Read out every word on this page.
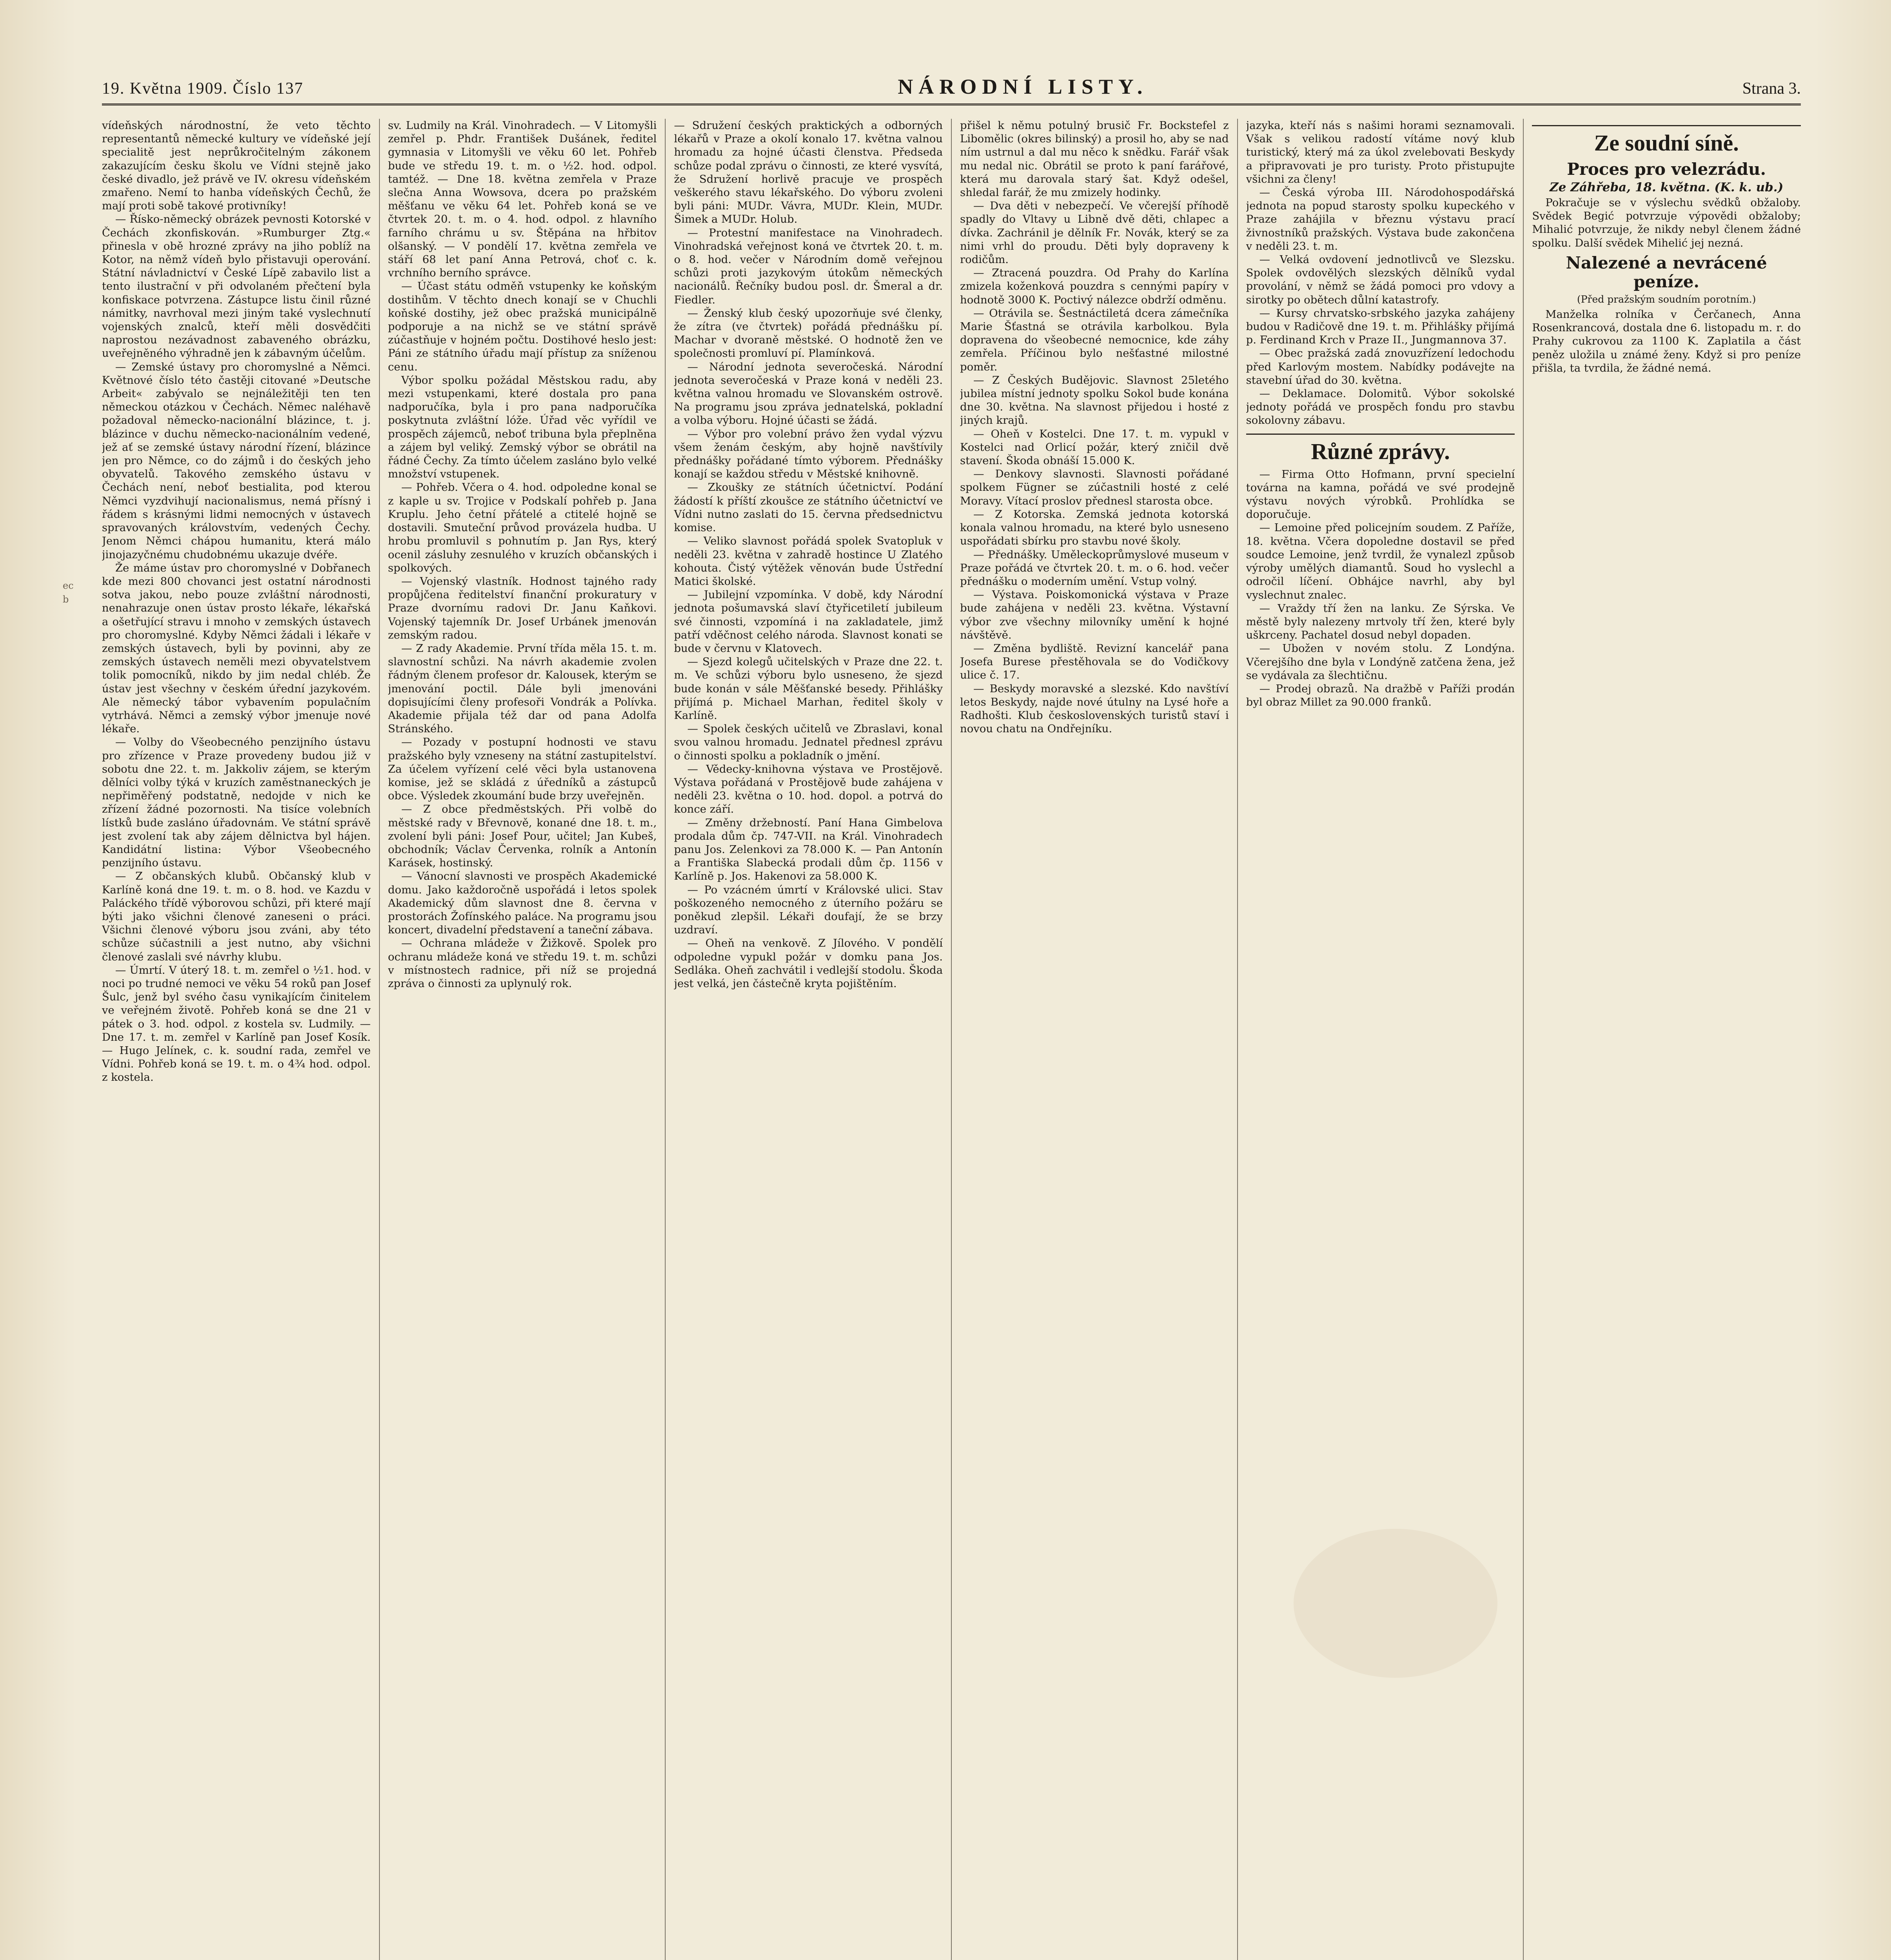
19. Května 1909. Číslo 137	NÁRODNÍ LISTY.	Strana 3.
ec
b

vídeňských národnostní, že veto těchto representantů německé kultury ve vídeňské její specialitě jest neprůkročitelným zákonem zakazujícím česku školu ve Vídni stejně jako české divadlo, jež právě ve IV. okresu vídeňském zmařeno. Nemí to hanba vídeňských Čechů, že mají proti sobě takové protivníky!

— Řísko-německý obrázek pevnosti Kotorské v Čechách zkonfiskován. »Rumburger Ztg.« přinesla v obě hrozné zprávy na jiho poblíž na Kotor, na němž vídeň bylo přistavuji operování. Státní návladnictví v České Lípě zabavilo list a tento ilustrační v při odvolaném přečtení byla konfiskace potvrzena. Zástupce listu činil různé námitky, navrhoval mezi jiným také vyslechnutí vojenských znalců, kteří měli dosvědčiti naprostou nezávadnost zabaveného obrázku, uveřejněného výhradně jen k zábavným účelům.

— Zemské ústavy pro choromyslné a Němci. Květnové číslo této častěji citované »Deutsche Arbeit« zabývalo se nejnáležitěji ten ten německou otázkou v Čechách. Němec naléhavě požadoval německo-nacionální blázince, t. j. blázince v duchu německo-nacionálním vedené, jež ať se zemské ústavy národní řízení, blázince jen pro Němce, co do zájmů i do českých jeho obyvatelů. Takového zemského ústavu v Čechách není, neboť bestialita, pod kterou Němci vyzdvihují nacionalismus, nemá přísný i řádem s krásnými lidmi nemocných v ústavech spravovaných královstvím, vedených Čechy. Jenom Němci chápou humanitu, která málo jinojazyčnému chudobnému ukazuje dvéře.

Že máme ústav pro choromyslné v Dobřanech kde mezi 800 chovanci jest ostatní národnosti sotva jakou, nebo pouze zvláštní národnosti, nenahrazuje onen ústav prosto lékaře, lékařská a ošetřující stravu i mnoho v zemských ústavech pro choromyslné. Kdyby Němci žádali i lékaře v zemských ústavech, byli by povinni, aby ze zemských ústavech neměli mezi obyvatelstvem tolik pomocníků, nikdo by jim nedal chléb. Že ústav jest všechny v českém úřední jazykovém. Ale německý tábor vybavením populačním vytrhává. Němci a zemský výbor jmenuje nové lékaře.

— Volby do Všeobecného penzijního ústavu pro zřízence v Praze provedeny budou již v sobotu dne 22. t. m. Jakkoliv zájem, se kterým dělníci volby týká v kruzích zaměstnaneckých je nepřiměřený podstatně, nedojde v nich ke zřízení žádné pozornosti. Na tisíce volebních lístků bude zasláno úřadovnám. Ve státní správě jest zvolení tak aby zájem dělnictva byl hájen. Kandidátní listina: Výbor Všeobecného penzijního ústavu.

— Z občanských klubů. Občanský klub v Karlíně koná dne 19. t. m. o 8. hod. ve Kazdu v Paláckého třídě výborovou schůzi, při které mají býti jako všichni členové zaneseni o práci. Všichni členové výboru jsou zváni, aby této schůze súčastnili a jest nutno, aby všichni členové zaslali své návrhy klubu.

— Úmrtí. V úterý 18. t. m. zemřel o ½1. hod. v noci po trudné nemoci ve věku 54 roků pan Josef Šulc, jenž byl svého času vynikajícím činitelem ve veřejném životě. Pohřeb koná se dne 21 v pátek o 3. hod. odpol. z kostela sv. Ludmily. — Dne 17. t. m. zemřel v Karlíně pan Josef Kosík. — Hugo Jelínek, c. k. soudní rada, zemřel ve Vídni. Pohřeb koná se 19. t. m. o 4¾ hod. odpol. z kostela.

sv. Ludmily na Král. Vinohradech. — V Litomyšli zemřel p. Phdr. František Dušánek, ředitel gymnasia v Litomyšli ve věku 60 let. Pohřeb bude ve středu 19. t. m. o ½2. hod. odpol. tamtéž. — Dne 18. května zemřela v Praze slečna Anna Wowsova, dcera po pražském měšťanu ve věku 64 let. Pohřeb koná se ve čtvrtek 20. t. m. o 4. hod. odpol. z hlavního farního chrámu u sv. Štěpána na hřbitov olšanský. — V pondělí 17. května zemřela ve stáří 68 let paní Anna Petrová, choť c. k. vrchního berního správce.

— Účast státu odměň vstupenky ke koňským dostihům. V těchto dnech konají se v Chuchli koňské dostihy, jež obec pražská municipálně podporuje a na nichž se ve státní správě zúčastňuje v hojném počtu. Dostihové heslo jest: Páni ze státního úřadu mají přístup za sníženou cenu.

Výbor spolku požádal Městskou radu, aby mezi vstupenkami, které dostala pro pana nadporučíka, byla i pro pana nadporučíka poskytnuta zvláštní lóže. Úřad věc vyřídil ve prospěch zájemců, neboť tribuna byla přeplněna a zájem byl veliký. Zemský výbor se obrátil na řádné Čechy. Za tímto účelem zasláno bylo velké množství vstupenek.

— Pohřeb. Včera o 4. hod. odpoledne konal se z kaple u sv. Trojice v Podskalí pohřeb p. Jana Kruplu. Jeho četní přátelé a ctitelé hojně se dostavili. Smuteční průvod provázela hudba. U hrobu promluvil s pohnutím p. Jan Rys, který ocenil zásluhy zesnulého v kruzích občanských i spolkových.

— Vojenský vlastník. Hodnost tajného rady propůjčena ředitelství finanční prokuratury v Praze dvornímu radovi Dr. Janu Kaňkovi. Vojenský tajemník Dr. Josef Urbánek jmenován zemským radou.

— Z rady Akademie. První třída měla 15. t. m. slavnostní schůzi. Na návrh akademie zvolen řádným členem profesor dr. Kalousek, kterým se jmenování poctil. Dále byli jmenováni dopisujícími členy profesoři Vondrák a Polívka. Akademie přijala též dar od pana Adolfa Stránského.

— Pozady v postupní hodnosti ve stavu pražského byly vzneseny na státní zastupitelství. Za účelem vyřízení celé věci byla ustanovena komise, jež se skládá z úředníků a zástupců obce. Výsledek zkoumání bude brzy uveřejněn.

— Z obce předměstských. Při volbě do městské rady v Břevnově, konané dne 18. t. m., zvolení byli páni: Josef Pour, učitel; Jan Kubeš, obchodník; Václav Červenka, rolník a Antonín Karásek, hostinský.

— Vánocní slavnosti ve prospěch Akademické domu. Jako každoročně uspořádá i letos spolek Akademický dům slavnost dne 8. června v prostorách Žofínského paláce. Na programu jsou koncert, divadelní představení a taneční zábava.

— Ochrana mládeže v Žižkově. Spolek pro ochranu mládeže koná ve středu 19. t. m. schůzi v místnostech radnice, při níž se projedná zpráva o činnosti za uplynulý rok.

— Sdružení českých praktických a odborných lékařů v Praze a okolí konalo 17. května valnou hromadu za hojné účasti členstva. Předseda schůze podal zprávu o činnosti, ze které vysvítá, že Sdružení horlivě pracuje ve prospěch veškerého stavu lékařského. Do výboru zvoleni byli páni: MUDr. Vávra, MUDr. Klein, MUDr. Šimek a MUDr. Holub.

— Protestní manifestace na Vinohradech. Vinohradská veřejnost koná ve čtvrtek 20. t. m. o 8. hod. večer v Národním domě veřejnou schůzi proti jazykovým útokům německých nacionálů. Řečníky budou posl. dr. Šmeral a dr. Fiedler.

— Ženský klub český upozorňuje své členky, že zítra (ve čtvrtek) pořádá přednášku pí. Machar v dvoraně městské. O hodnotě žen ve společnosti promluví pí. Plamínková.

— Národní jednota severočeská. Národní jednota severočeská v Praze koná v neděli 23. května valnou hromadu ve Slovanském ostrově. Na programu jsou zpráva jednatelská, pokladní a volba výboru. Hojné účasti se žádá.

— Výbor pro volební právo žen vydal výzvu všem ženám českým, aby hojně navštívily přednášky pořádané tímto výborem. Přednášky konají se každou středu v Městské knihovně.

— Zkoušky ze státních účetnictví. Podání žádostí k příští zkoušce ze státního účetnictví ve Vídni nutno zaslati do 15. června předsednictvu komise.

— Veliko slavnost pořádá spolek Svatopluk v neděli 23. května v zahradě hostince U Zlatého kohouta. Čistý výtěžek věnován bude Ústřední Matici školské.

— Jubilejní vzpomínka. V době, kdy Národní jednota pošumavská slaví čtyřicetiletí jubileum své činnosti, vzpomíná i na zakladatele, jimž patří vděčnost celého národa. Slavnost konati se bude v červnu v Klatovech.

— Sjezd kolegů učitelských v Praze dne 22. t. m. Ve schůzi výboru bylo usneseno, že sjezd bude konán v sále Měšťanské besedy. Přihlášky přijímá p. Michael Marhan, ředitel školy v Karlíně.

— Spolek českých učitelů ve Zbraslavi, konal svou valnou hromadu. Jednatel přednesl zprávu o činnosti spolku a pokladník o jmění.

— Vědecky-knihovna výstava ve Prostějově. Výstava pořádaná v Prostějově bude zahájena v neděli 23. května o 10. hod. dopol. a potrvá do konce září.

— Změny držebností. Paní Hana Gimbelova prodala dům čp. 747-VII. na Král. Vinohradech panu Jos. Zelenkovi za 78.000 K. — Pan Antonín a Františka Slabecká prodali dům čp. 1156 v Karlíně p. Jos. Hakenovi za 58.000 K.

— Po vzácném úmrtí v Královské ulici. Stav poškozeného nemocného z úterního požáru se poněkud zlepšil. Lékaři doufají, že se brzy uzdraví.

— Oheň na venkově. Z Jílového. V pondělí odpoledne vypukl požár v domku pana Jos. Sedláka. Oheň zachvátil i vedlejší stodolu. Škoda jest velká, jen částečně kryta pojištěním.

přišel k němu potulný brusič Fr. Bockstefel z Libomělic (okres bilinský) a prosil ho, aby se nad ním ustrnul a dal mu něco k snědku. Farář však mu nedal nic. Obrátil se proto k paní farářové, která mu darovala starý šat. Když odešel, shledal farář, že mu zmizely hodinky.

— Dva děti v nebezpečí. Ve včerejší příhodě spadly do Vltavy u Libně dvě děti, chlapec a dívka. Zachránil je dělník Fr. Novák, který se za nimi vrhl do proudu. Děti byly dopraveny k rodičům.

— Ztracená pouzdra. Od Prahy do Karlína zmizela koženková pouzdra s cennými papíry v hodnotě 3000 K. Poctivý nálezce obdrží odměnu.

— Otrávila se. Šestnáctiletá dcera zámečníka Marie Šťastná se otrávila karbolkou. Byla dopravena do všeobecné nemocnice, kde záhy zemřela. Příčinou bylo nešťastné milostné poměr.

— Z Českých Budějovic. Slavnost 25letého jubilea místní jednoty spolku Sokol bude konána dne 30. května. Na slavnost přijedou i hosté z jiných krajů.

— Oheň v Kostelci. Dne 17. t. m. vypukl v Kostelci nad Orlicí požár, který zničil dvě stavení. Škoda obnáší 15.000 K.

— Denkovy slavnosti. Slavnosti pořádané spolkem Fügner se zúčastnili hosté z celé Moravy. Vítací proslov přednesl starosta obce.

— Z Kotorska. Zemská jednota kotorská konala valnou hromadu, na které bylo usneseno uspořádati sbírku pro stavbu nové školy.

— Přednášky. Uměleckoprůmyslové museum v Praze pořádá ve čtvrtek 20. t. m. o 6. hod. večer přednášku o moderním umění. Vstup volný.

— Výstava. Poiskomonická výstava v Praze bude zahájena v neděli 23. května. Výstavní výbor zve všechny milovníky umění k hojné návštěvě.

— Změna bydliště. Revizní kancelář pana Josefa Burese přestěhovala se do Vodičkovy ulice č. 17.

— Beskydy moravské a slezské. Kdo navštíví letos Beskydy, najde nové útulny na Lysé hoře a Radhošti. Klub československých turistů staví i novou chatu na Ondřejníku.

jazyka, kteří nás s našimi horami seznamovali. Však s velikou radostí vítáme nový klub turistický, který má za úkol zvelebovati Beskydy a připravovati je pro turisty. Proto přistupujte všichni za členy!

— Česká výroba III. Národohospodářská jednota na popud starosty spolku kupeckého v Praze zahájila v březnu výstavu prací živnostníků pražských. Výstava bude zakončena v neděli 23. t. m.

— Velká ovdovení jednotlivců ve Slezsku. Spolek ovdovělých slezských dělníků vydal provolání, v němž se žádá pomoci pro vdovy a sirotky po obětech důlní katastrofy.

— Kursy chrvatsko-srbského jazyka zahájeny budou v Radičově dne 19. t. m. Přihlášky přijímá p. Ferdinand Krch v Praze II., Jungmannova 37.

— Obec pražská zadá znovuzřízení ledochodu před Karlovým mostem. Nabídky podávejte na stavební úřad do 30. května.

— Deklamace. Dolomitů. Výbor sokolské jednoty pořádá ve prospěch fondu pro stavbu sokolovny zábavu.

Různé zprávy.

— Firma Otto Hofmann, první specielní továrna na kamna, pořádá ve své prodejně výstavu nových výrobků. Prohlídka se doporučuje.

— Lemoine před policejním soudem. Z Paříže, 18. května. Včera dopoledne dostavil se před soudce Lemoine, jenž tvrdil, že vynalezl způsob výroby umělých diamantů. Soud ho vyslechl a odročil líčení. Obhájce navrhl, aby byl vyslechnut znalec.

— Vraždy tří žen na lanku. Ze Sýrska. Ve městě byly nalezeny mrtvoly tří žen, které byly uškrceny. Pachatel dosud nebyl dopaden.

— Ubožen v novém stolu. Z Londýna. Včerejšího dne byla v Londýně zatčena žena, jež se vydávala za šlechtičnu.

— Prodej obrazů. Na dražbě v Paříži prodán byl obraz Millet za 90.000 franků.

Ze soudní síně.
Proces pro velezrádu.
Ze Záhřeba, 18. května. (K. k. ub.)

Pokračuje se v výslechu svědků obžaloby. Svědek Begić potvrzuje výpovědi obžaloby; Mihalić potvrzuje, že nikdy nebyl členem žádné spolku. Další svědek Mihelić jej nezná.

Nalezené a nevrácené peníze.
(Před pražským soudním porotním.)

Manželka rolníka v Čerčanech, Anna Rosenkrancová, dostala dne 6. listopadu m. r. do Prahy cukrovou za 1100 K. Zaplatila a část peněz uložila u známé ženy. Když si pro peníze přišla, ta tvrdila, že žádné nemá.
